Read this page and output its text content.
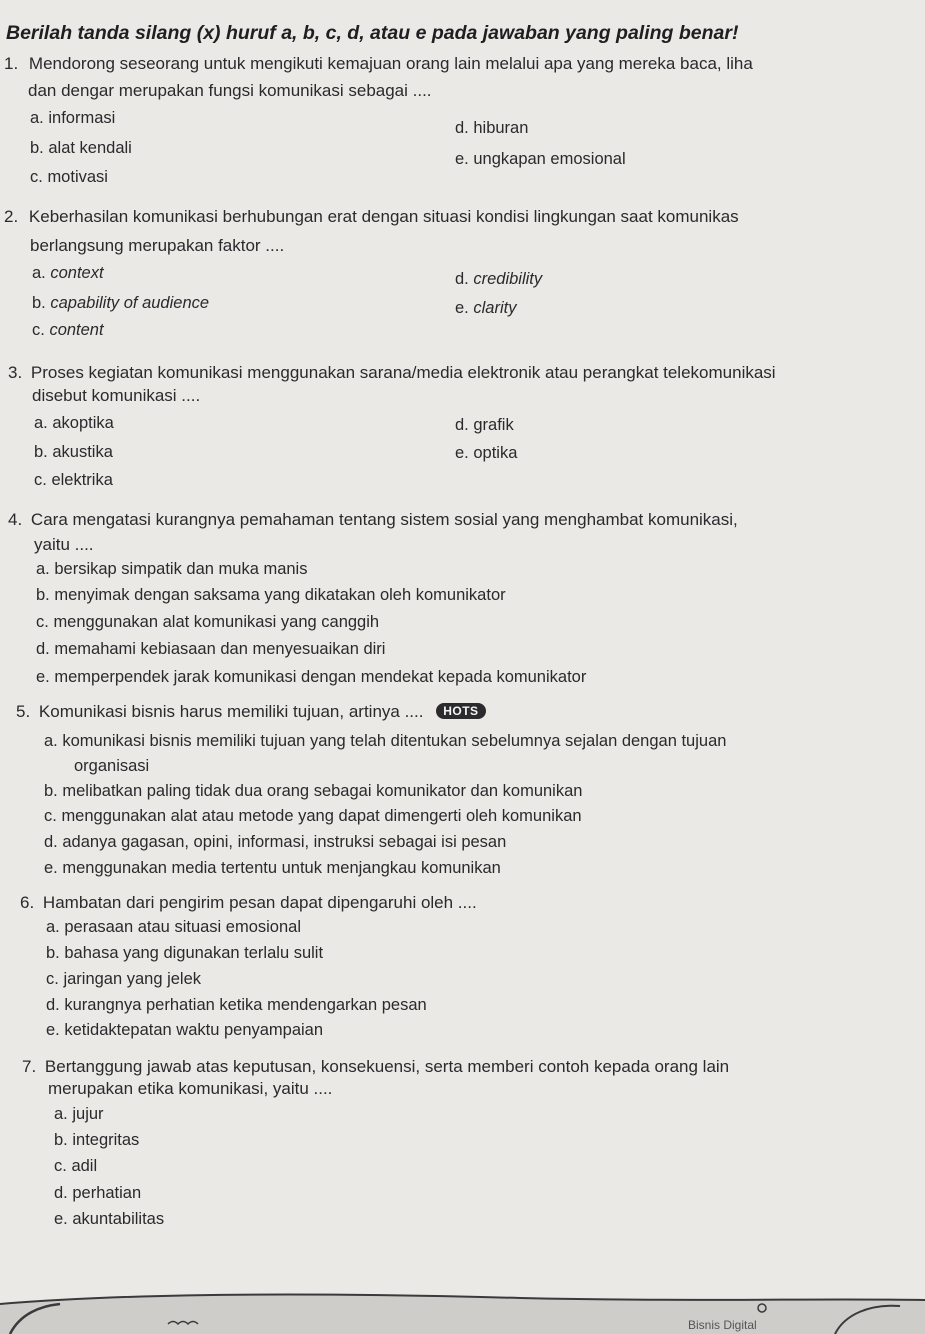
Berilah tanda silang (x) huruf a, b, c, d, atau e pada jawaban yang paling benar!
1. Mendorong seseorang untuk mengikuti kemajuan orang lain melalui apa yang mereka baca, liha
dan dengar merupakan fungsi komunikasi sebagai ....
a. informasi
b. alat kendali
c. motivasi
d. hiburan
e. ungkapan emosional
2. Keberhasilan komunikasi berhubungan erat dengan situasi kondisi lingkungan saat komunikas
berlangsung merupakan faktor ....
a. context
b. capability of audience
c. content
d. credibility
e. clarity
3. Proses kegiatan komunikasi menggunakan sarana/media elektronik atau perangkat telekomunikasi
disebut komunikasi ....
a. akoptika
b. akustika
c. elektrika
d. grafik
e. optika
4. Cara mengatasi kurangnya pemahaman tentang sistem sosial yang menghambat komunikasi,
yaitu ....
a. bersikap simpatik dan muka manis
b. menyimak dengan saksama yang dikatakan oleh komunikator
c. menggunakan alat komunikasi yang canggih
d. memahami kebiasaan dan menyesuaikan diri
e. memperpendek jarak komunikasi dengan mendekat kepada komunikator
5. Komunikasi bisnis harus memiliki tujuan, artinya .... HOTS
a. komunikasi bisnis memiliki tujuan yang telah ditentukan sebelumnya sejalan dengan tujuan
organisasi
b. melibatkan paling tidak dua orang sebagai komunikator dan komunikan
c. menggunakan alat atau metode yang dapat dimengerti oleh komunikan
d. adanya gagasan, opini, informasi, instruksi sebagai isi pesan
e. menggunakan media tertentu untuk menjangkau komunikan
6. Hambatan dari pengirim pesan dapat dipengaruhi oleh ....
a. perasaan atau situasi emosional
b. bahasa yang digunakan terlalu sulit
c. jaringan yang jelek
d. kurangnya perhatian ketika mendengarkan pesan
e. ketidaktepatan waktu penyampaian
7. Bertanggung jawab atas keputusan, konsekuensi, serta memberi contoh kepada orang lain
merupakan etika komunikasi, yaitu ....
a. jujur
b. integritas
c. adil
d. perhatian
e. akuntabilitas
Bisnis Digital
